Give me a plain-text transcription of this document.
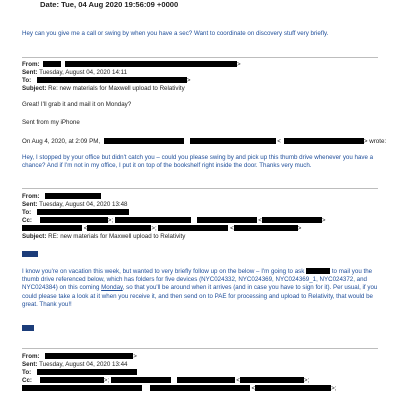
Date: Tue, 04 Aug 2020 19:56:09 +0000
Hey can you give me a call or swing by when you have a sec? Want to coordinate on discovery stuff very briefly.
From:	>
Sent: Tuesday, August 04, 2020 14:11
To:	>
Subject: Re: new materials for Maxwell upload to Relativity
Great! I'll grab it and mail it on Monday?
Sent from my iPhone
On Aug 4, 2020, at 2:09 PM,	<	> wrote:
Hey, I stopped by your office but didn't catch you – could you please swing by and pick up this thumb drive whenever you have a chance? And if I'm not in my office, I put it on top of the bookshelf right inside the door. Thanks very much.
From:
Sent: Tuesday, August 04, 2020 13:48
To:
Cc:	>;	<	>
<	>;	<	>
Subject: RE: new materials for Maxwell upload to Relativity
I know you're on vacation this week, but wanted to very briefly follow up on the below – I'm going to ask	to mail you the thumb drive referenced below, which has folders for five devices (NYC024332, NYC024369, NYC024369_1, NYC024372, and NYC024384) on this coming Monday, so that you'll be around when it arrives (and in case you have to sign for it). Per usual, if you could please take a look at it when you receive it, and then send on to PAE for processing and upload to Relativity, that would be great. Thank you!!
From:	>
Sent: Tuesday, August 04, 2020 13:44
To:
Cc:	>;	<	>;
<	>;
